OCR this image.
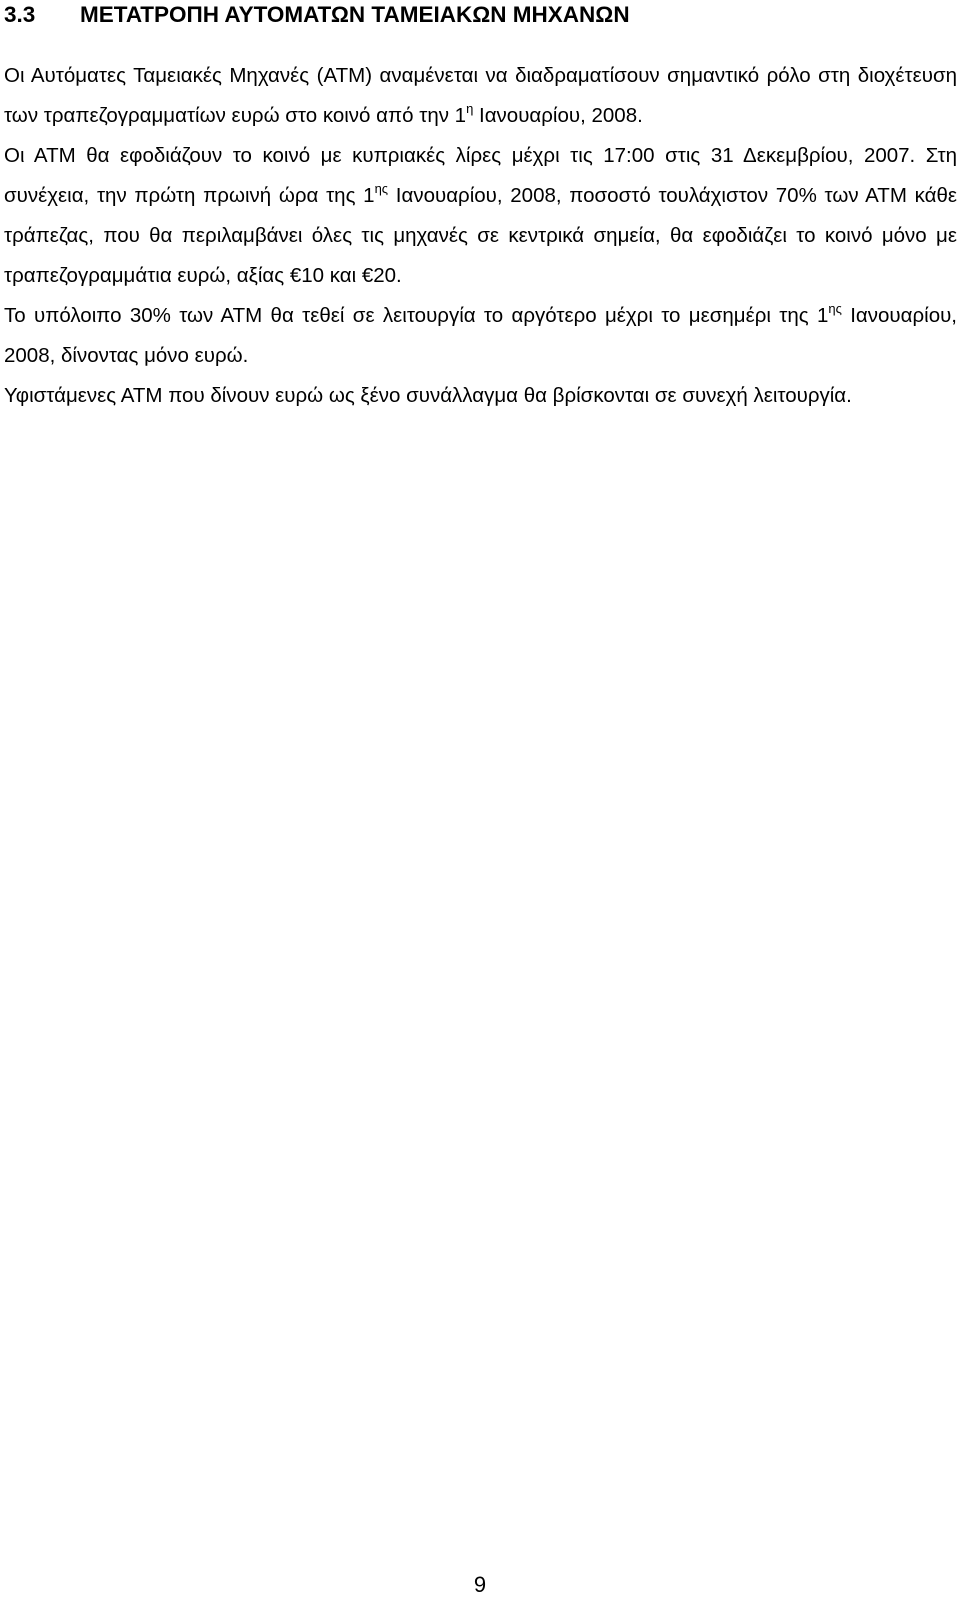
3.3 ΜΕΤΑΤΡΟΠΗ ΑΥΤΟΜΑΤΩΝ ΤΑΜΕΙΑΚΩΝ ΜΗΧΑΝΩΝ

Οι Αυτόματες Ταμειακές Μηχανές (ΑΤΜ) αναμένεται να διαδραματίσουν σημαντικό ρόλο στη διοχέτευση των τραπεζογραμματίων ευρώ στο κοινό από την $1^\eta$ Ιανουαρίου, 2008.

Οι ΑΤΜ θα εφοδιάζουν το κοινό με κυπριακές λίρες μέχρι τις 17:00 στις 31 Δεκεμβρίου, 2007. Στη συνέχεια, την πρώτη πρωινή ώρα της $1^{\eta\varsigma}$ Ιανουαρίου, 2008, ποσοστό τουλάχιστον 70% των ΑΤΜ κάθε τράπεζας, που θα περιλαμβάνει όλες τις μηχανές σε κεντρικά σημεία, θα εφοδιάζει το κοινό μόνο με τραπεζογραμμάτια ευρώ, αξίας €10 και €20.

Το υπόλοιπο 30% των ΑΤΜ θα τεθεί σε λειτουργία το αργότερο μέχρι το μεσημέρι της $1^{\eta\varsigma}$ Ιανουαρίου, 2008, δίνοντας μόνο ευρώ.

Υφιστάμενες ΑΤΜ που δίνουν ευρώ ως ξένο συνάλλαγμα θα βρίσκονται σε συνεχή λειτουργία.

9
